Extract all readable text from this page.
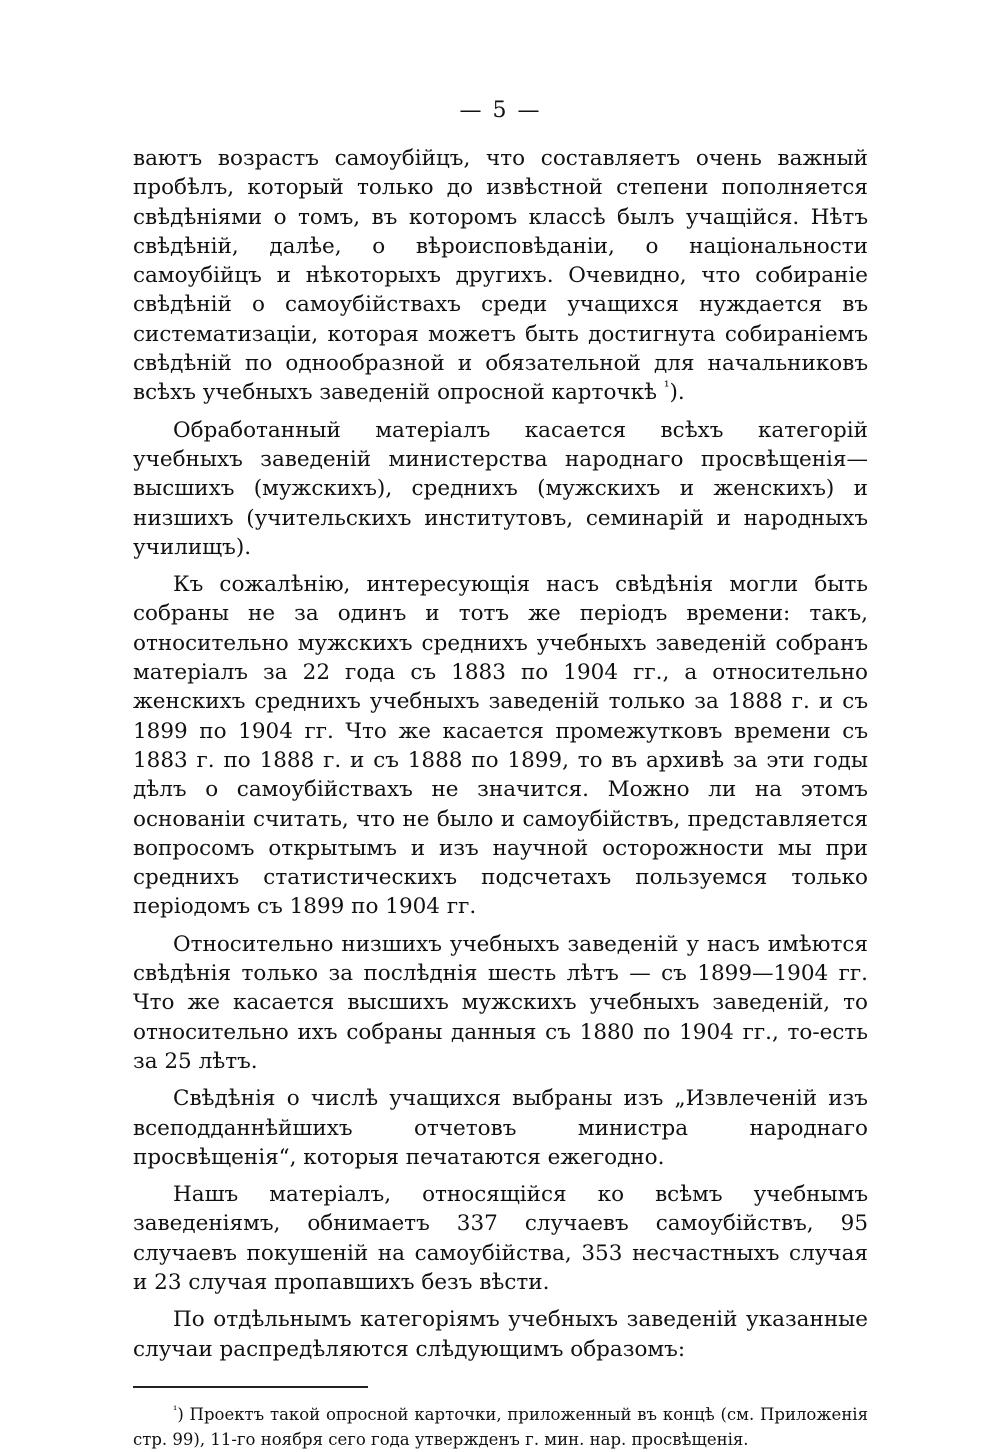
— 5 —

ваютъ возрастъ самоубійцъ, что составляетъ очень важный пробѣлъ, который только до извѣстной степени пополняется свѣдѣніями о томъ, въ которомъ классѣ былъ учащійся. Нѣтъ свѣдѣній, далѣе, о вѣроисповѣданіи, о національности самоубійцъ и нѣкоторыхъ другихъ. Очевидно, что собираніе свѣдѣній о самоубійствахъ среди учащихся нуждается въ систематизаціи, которая можетъ быть достигнута собираніемъ свѣдѣній по однообразной и обязательной для начальниковъ всѣхъ учебныхъ заведеній опросной карточкѣ $^{^1}$).

Обработанный матеріалъ касается всѣхъ категорій учебныхъ заведеній министерства народнаго просвѣщенія—высшихъ (мужскихъ), среднихъ (мужскихъ и женскихъ) и низшихъ (учительскихъ институтовъ, семинарій и народныхъ училищъ).

Къ сожалѣнію, интересующія насъ свѣдѣнія могли быть собраны не за одинъ и тотъ же періодъ времени: такъ, относительно мужскихъ среднихъ учебныхъ заведеній собранъ матеріалъ за 22 года съ 1883 по 1904 гг., а относительно женскихъ среднихъ учебныхъ заведеній только за 1888 г. и съ 1899 по 1904 гг. Что же касается промежутковъ времени съ 1883 г. по 1888 г. и съ 1888 по 1899, то въ архивѣ за эти годы дѣлъ о самоубійствахъ не значится. Можно ли на этомъ основаніи считать, что не было и самоубійствъ, представляется вопросомъ открытымъ и изъ научной осторожности мы при среднихъ статистическихъ подсчетахъ пользуемся только періодомъ съ 1899 по 1904 гг.

Относительно низшихъ учебныхъ заведеній у насъ имѣются свѣдѣнія только за послѣднія шесть лѣтъ — съ 1899—1904 гг. Что же касается высшихъ мужскихъ учебныхъ заведеній, то относительно ихъ собраны данныя съ 1880 по 1904 гг., то-есть за 25 лѣтъ.

Свѣдѣнія о числѣ учащихся выбраны изъ „Извлеченій изъ всеподданнѣйшихъ отчетовъ министра народнаго просвѣщенія“, которыя печатаются ежегодно.

Нашъ матеріалъ, относящійся ко всѣмъ учебнымъ заведеніямъ, обнимаетъ 337 случаевъ самоубійствъ, 95 случаевъ покушеній на самоубійства, 353 несчастныхъ случая и 23 случая пропавшихъ безъ вѣсти.

По отдѣльнымъ категоріямъ учебныхъ заведеній указанные случаи распредѣляются слѣдующимъ образомъ:

$^{^1}$) Проектъ такой опросной карточки, приложенный въ концѣ (см. Приложенія стр. 99), 11-го ноября сего года утвержденъ г. мин. нар. просвѣщенія.
